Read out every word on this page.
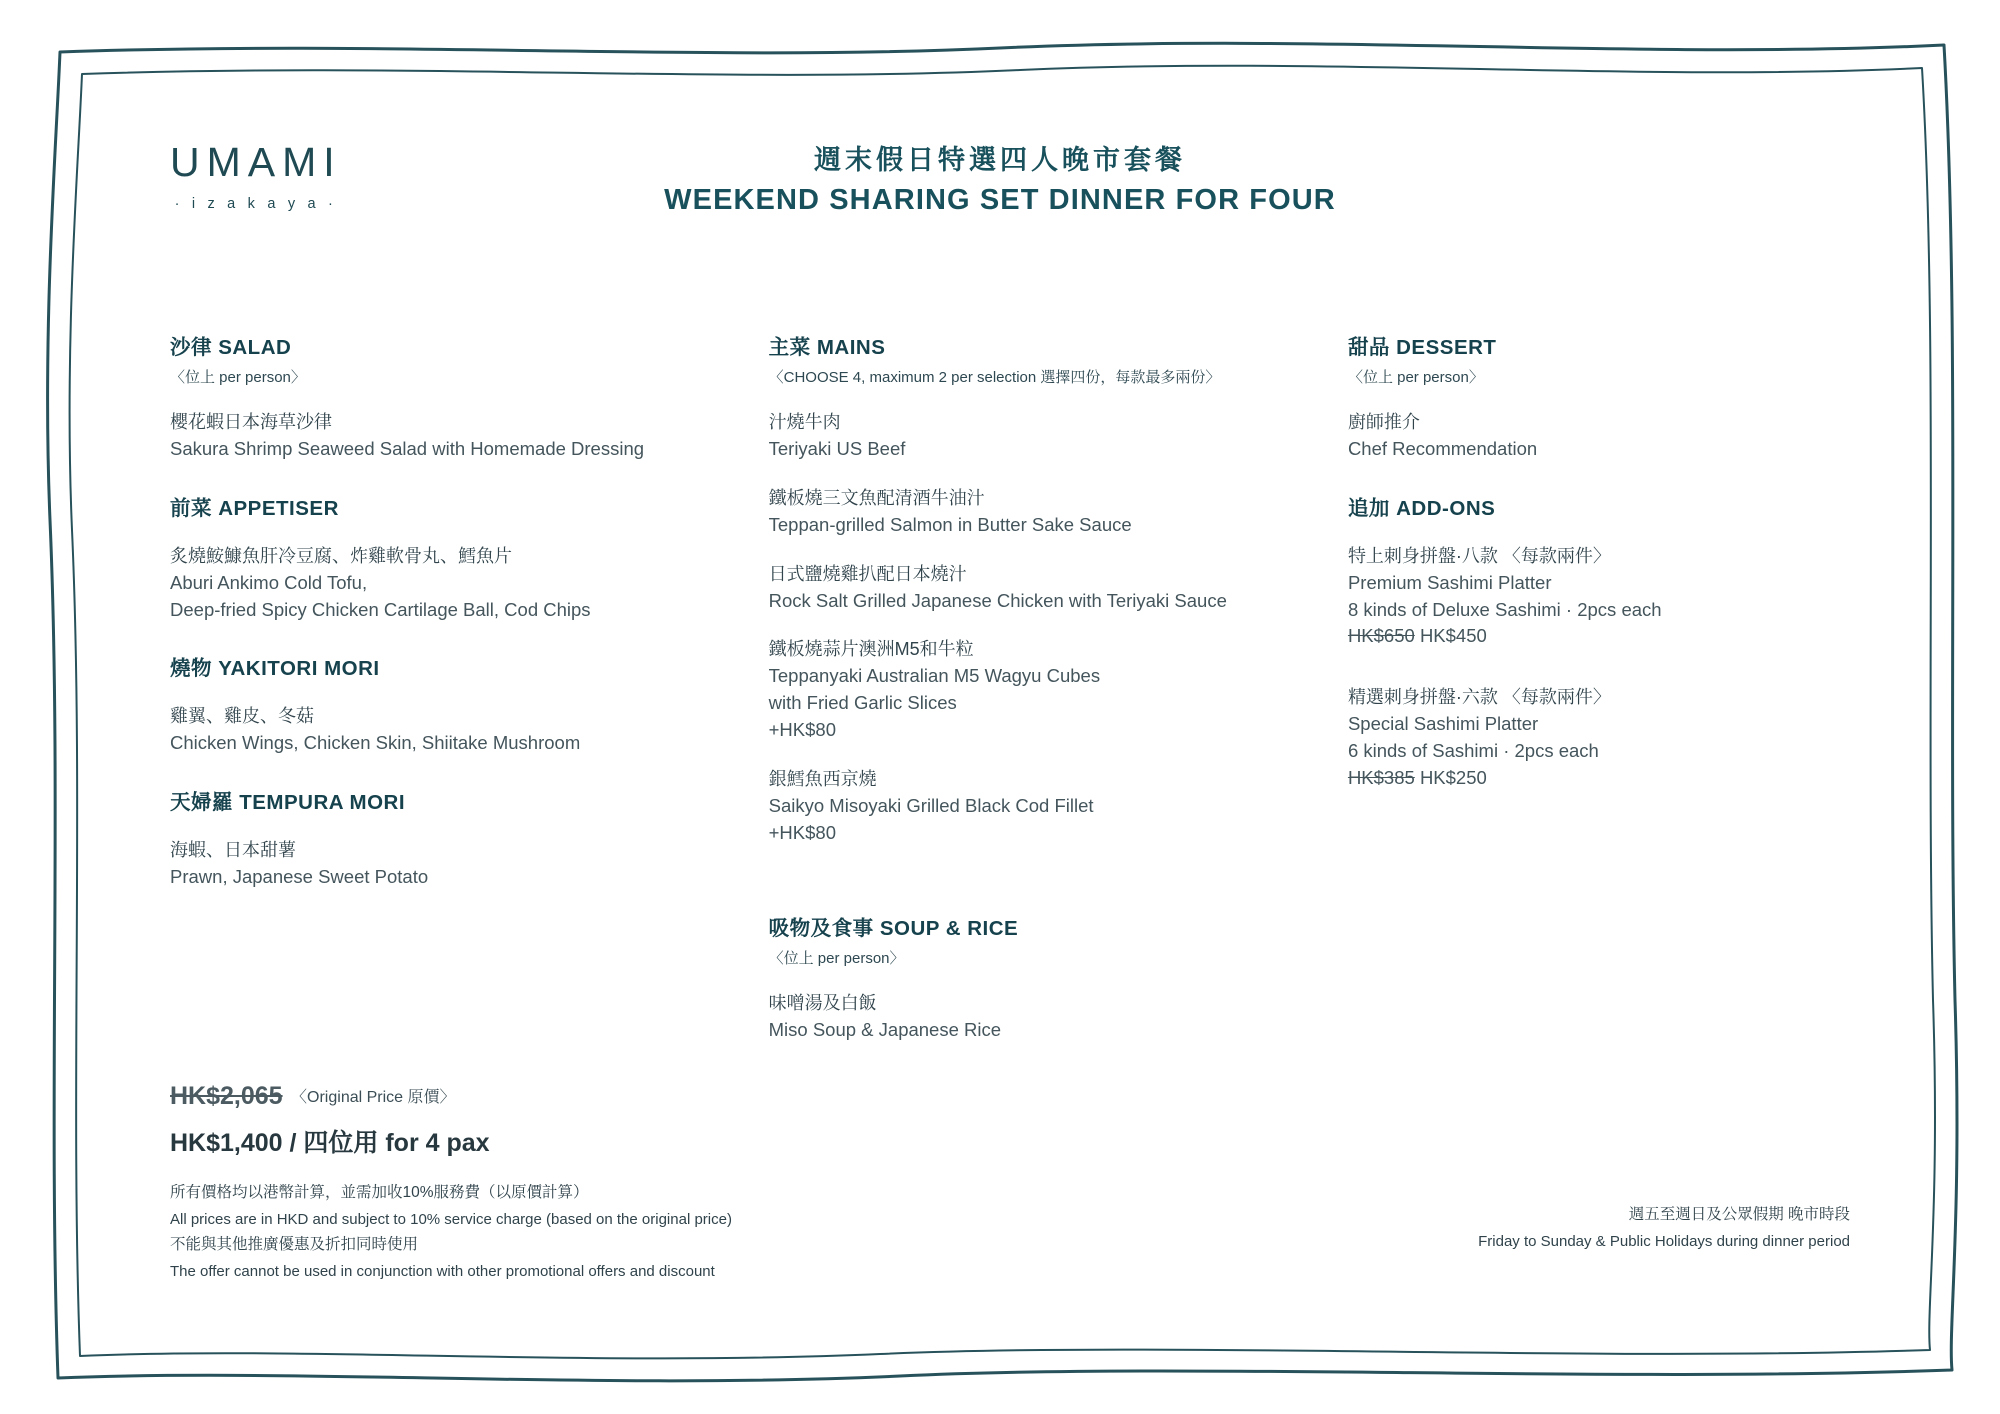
UMAMI
· i z a k a y a ·
週末假日特選四人晚市套餐
WEEKEND SHARING SET DINNER FOR FOUR
沙律 SALAD
〈位上 per person〉
櫻花蝦日本海草沙律
Sakura Shrimp Seaweed Salad with Homemade Dressing
前菜 APPETISER
炙燒鮟鱇魚肝冷豆腐、炸雞軟骨丸、鱈魚片
Aburi Ankimo Cold Tofu,
Deep-fried Spicy Chicken Cartilage Ball, Cod Chips
燒物 YAKITORI MORI
雞翼、雞皮、冬菇
Chicken Wings, Chicken Skin, Shiitake Mushroom
天婦羅 TEMPURA MORI
海蝦、日本甜薯
Prawn, Japanese Sweet Potato
主菜 MAINS
〈CHOOSE 4, maximum 2 per selection 選擇四份，每款最多兩份〉
汁燒牛肉
Teriyaki US Beef
鐵板燒三文魚配清酒牛油汁
Teppan-grilled Salmon in Butter Sake Sauce
日式鹽燒雞扒配日本燒汁
Rock Salt Grilled Japanese Chicken with Teriyaki Sauce
鐵板燒蒜片澳洲M5和牛粒
Teppanyaki Australian M5 Wagyu Cubes
with Fried Garlic Slices
+HK$80
銀鱈魚西京燒
Saikyo Misoyaki Grilled Black Cod Fillet
+HK$80
吸物及食事 SOUP & RICE
〈位上 per person〉
味噌湯及白飯
Miso Soup & Japanese Rice
甜品 DESSERT
〈位上 per person〉
廚師推介
Chef Recommendation
追加 ADD-ONS
特上刺身拼盤·八款 〈每款兩件〉
Premium Sashimi Platter
8 kinds of Deluxe Sashimi · 2pcs each
HK$650 HK$450
精選刺身拼盤·六款 〈每款兩件〉
Special Sashimi Platter
6 kinds of Sashimi · 2pcs each
HK$385 HK$250
HK$2,065 〈Original Price 原價〉
HK$1,400 / 四位用 for 4 pax
所有價格均以港幣計算，並需加收10%服務費（以原價計算）
All prices are in HKD and subject to 10% service charge (based on the original price)
不能與其他推廣優惠及折扣同時使用
The offer cannot be used in conjunction with other promotional offers and discount
週五至週日及公眾假期 晚市時段
Friday to Sunday & Public Holidays during dinner period
